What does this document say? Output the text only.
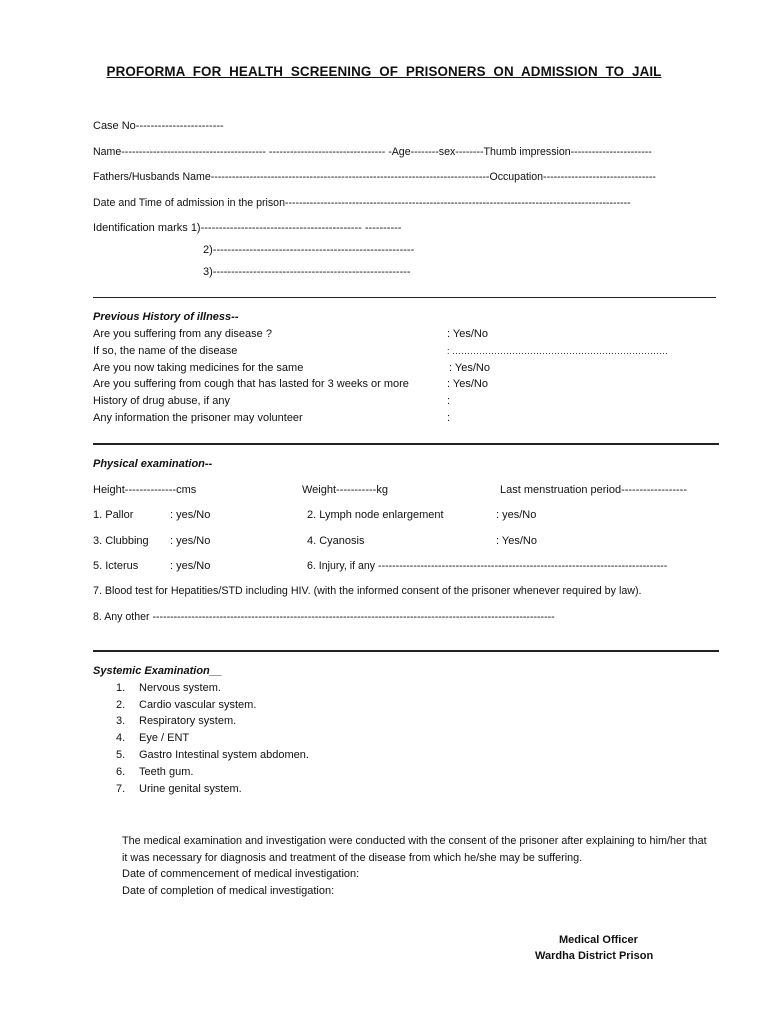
PROFORMA FOR HEALTH SCREENING OF PRISONERS ON ADMISSION TO JAIL
Case No------------------------
Name----------------------------------------- --------------------------------- -Age--------sex--------Thumb impression-----------------------
Fathers/Husbands Name-------------------------------------------------------------------------------Occupation--------------------------------
Date and Time of admission in the prison--------------------------------------------------------------------------------------------------
Identification marks 1)-------------------------------------------- ----------
2)-------------------------------------------------------
3)------------------------------------------------------
Previous History of illness--
Are you suffering from any disease ?	: Yes/No
If so, the name of the disease	: ………………………………………………………………
Are you now taking medicines for the same	: Yes/No
Are you suffering from cough that has lasted for 3 weeks or more	: Yes/No
History of drug abuse, if any	:
Any information the prisoner may volunteer	:
Physical examination--
Height--------------cms	Weight-----------kg	Last menstruation period------------------
1. Pallor	: yes/No	2. Lymph node enlargement	: yes/No
3. Clubbing : yes/No	4. Cyanosis	: Yes/No
5. Icterus	: yes/No	6. Injury, if any ----------------------------------------------------------------------------------
7. Blood test for Hepatities/STD including HIV. (with the informed consent of the prisoner whenever required by law).
8. Any other ------------------------------------------------------------------------------------------------------------------
Systemic Examination__
1. Nervous system.
2. Cardio vascular system.
3. Respiratory system.
4. Eye / ENT
5. Gastro Intestinal system abdomen.
6. Teeth gum.
7. Urine genital system.
The medical examination and investigation were conducted with the consent of the prisoner after explaining to him/her that it was necessary for diagnosis and treatment of the disease from which he/she may be suffering.
Date of commencement of medical investigation:
Date of completion of medical investigation:
Medical Officer
Wardha District Prison
